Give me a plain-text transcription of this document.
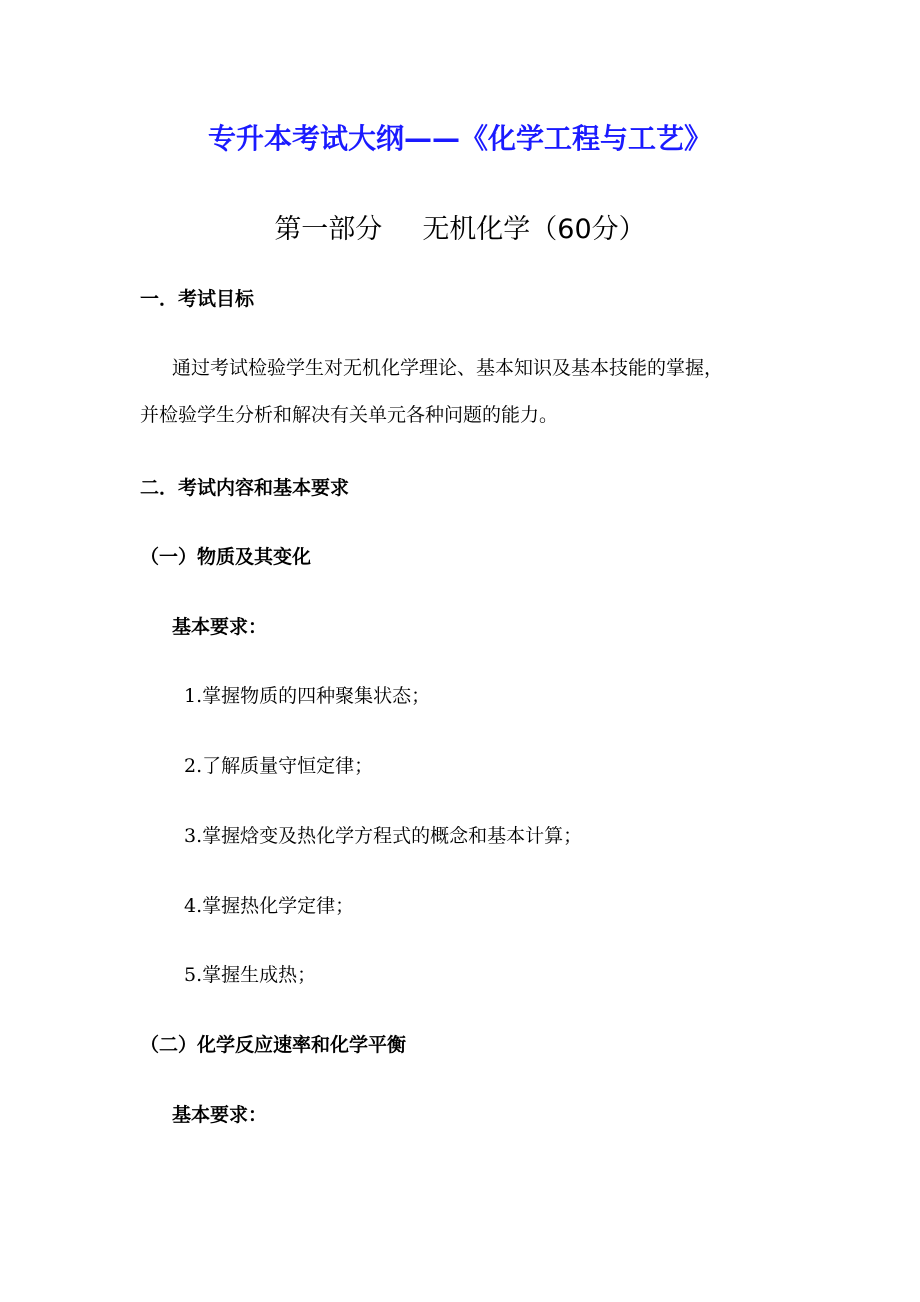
专升本考试大纲——《化学工程与工艺》
第一部分 无机化学（60分）
一．考试目标
通过考试检验学生对无机化学理论、基本知识及基本技能的掌握，
并检验学生分析和解决有关单元各种问题的能力。
二．考试内容和基本要求
（一）物质及其变化
基本要求：
1.掌握物质的四种聚集状态；
2.了解质量守恒定律；
3.掌握焓变及热化学方程式的概念和基本计算；
4.掌握热化学定律；
5.掌握生成热；
（二）化学反应速率和化学平衡
基本要求：
